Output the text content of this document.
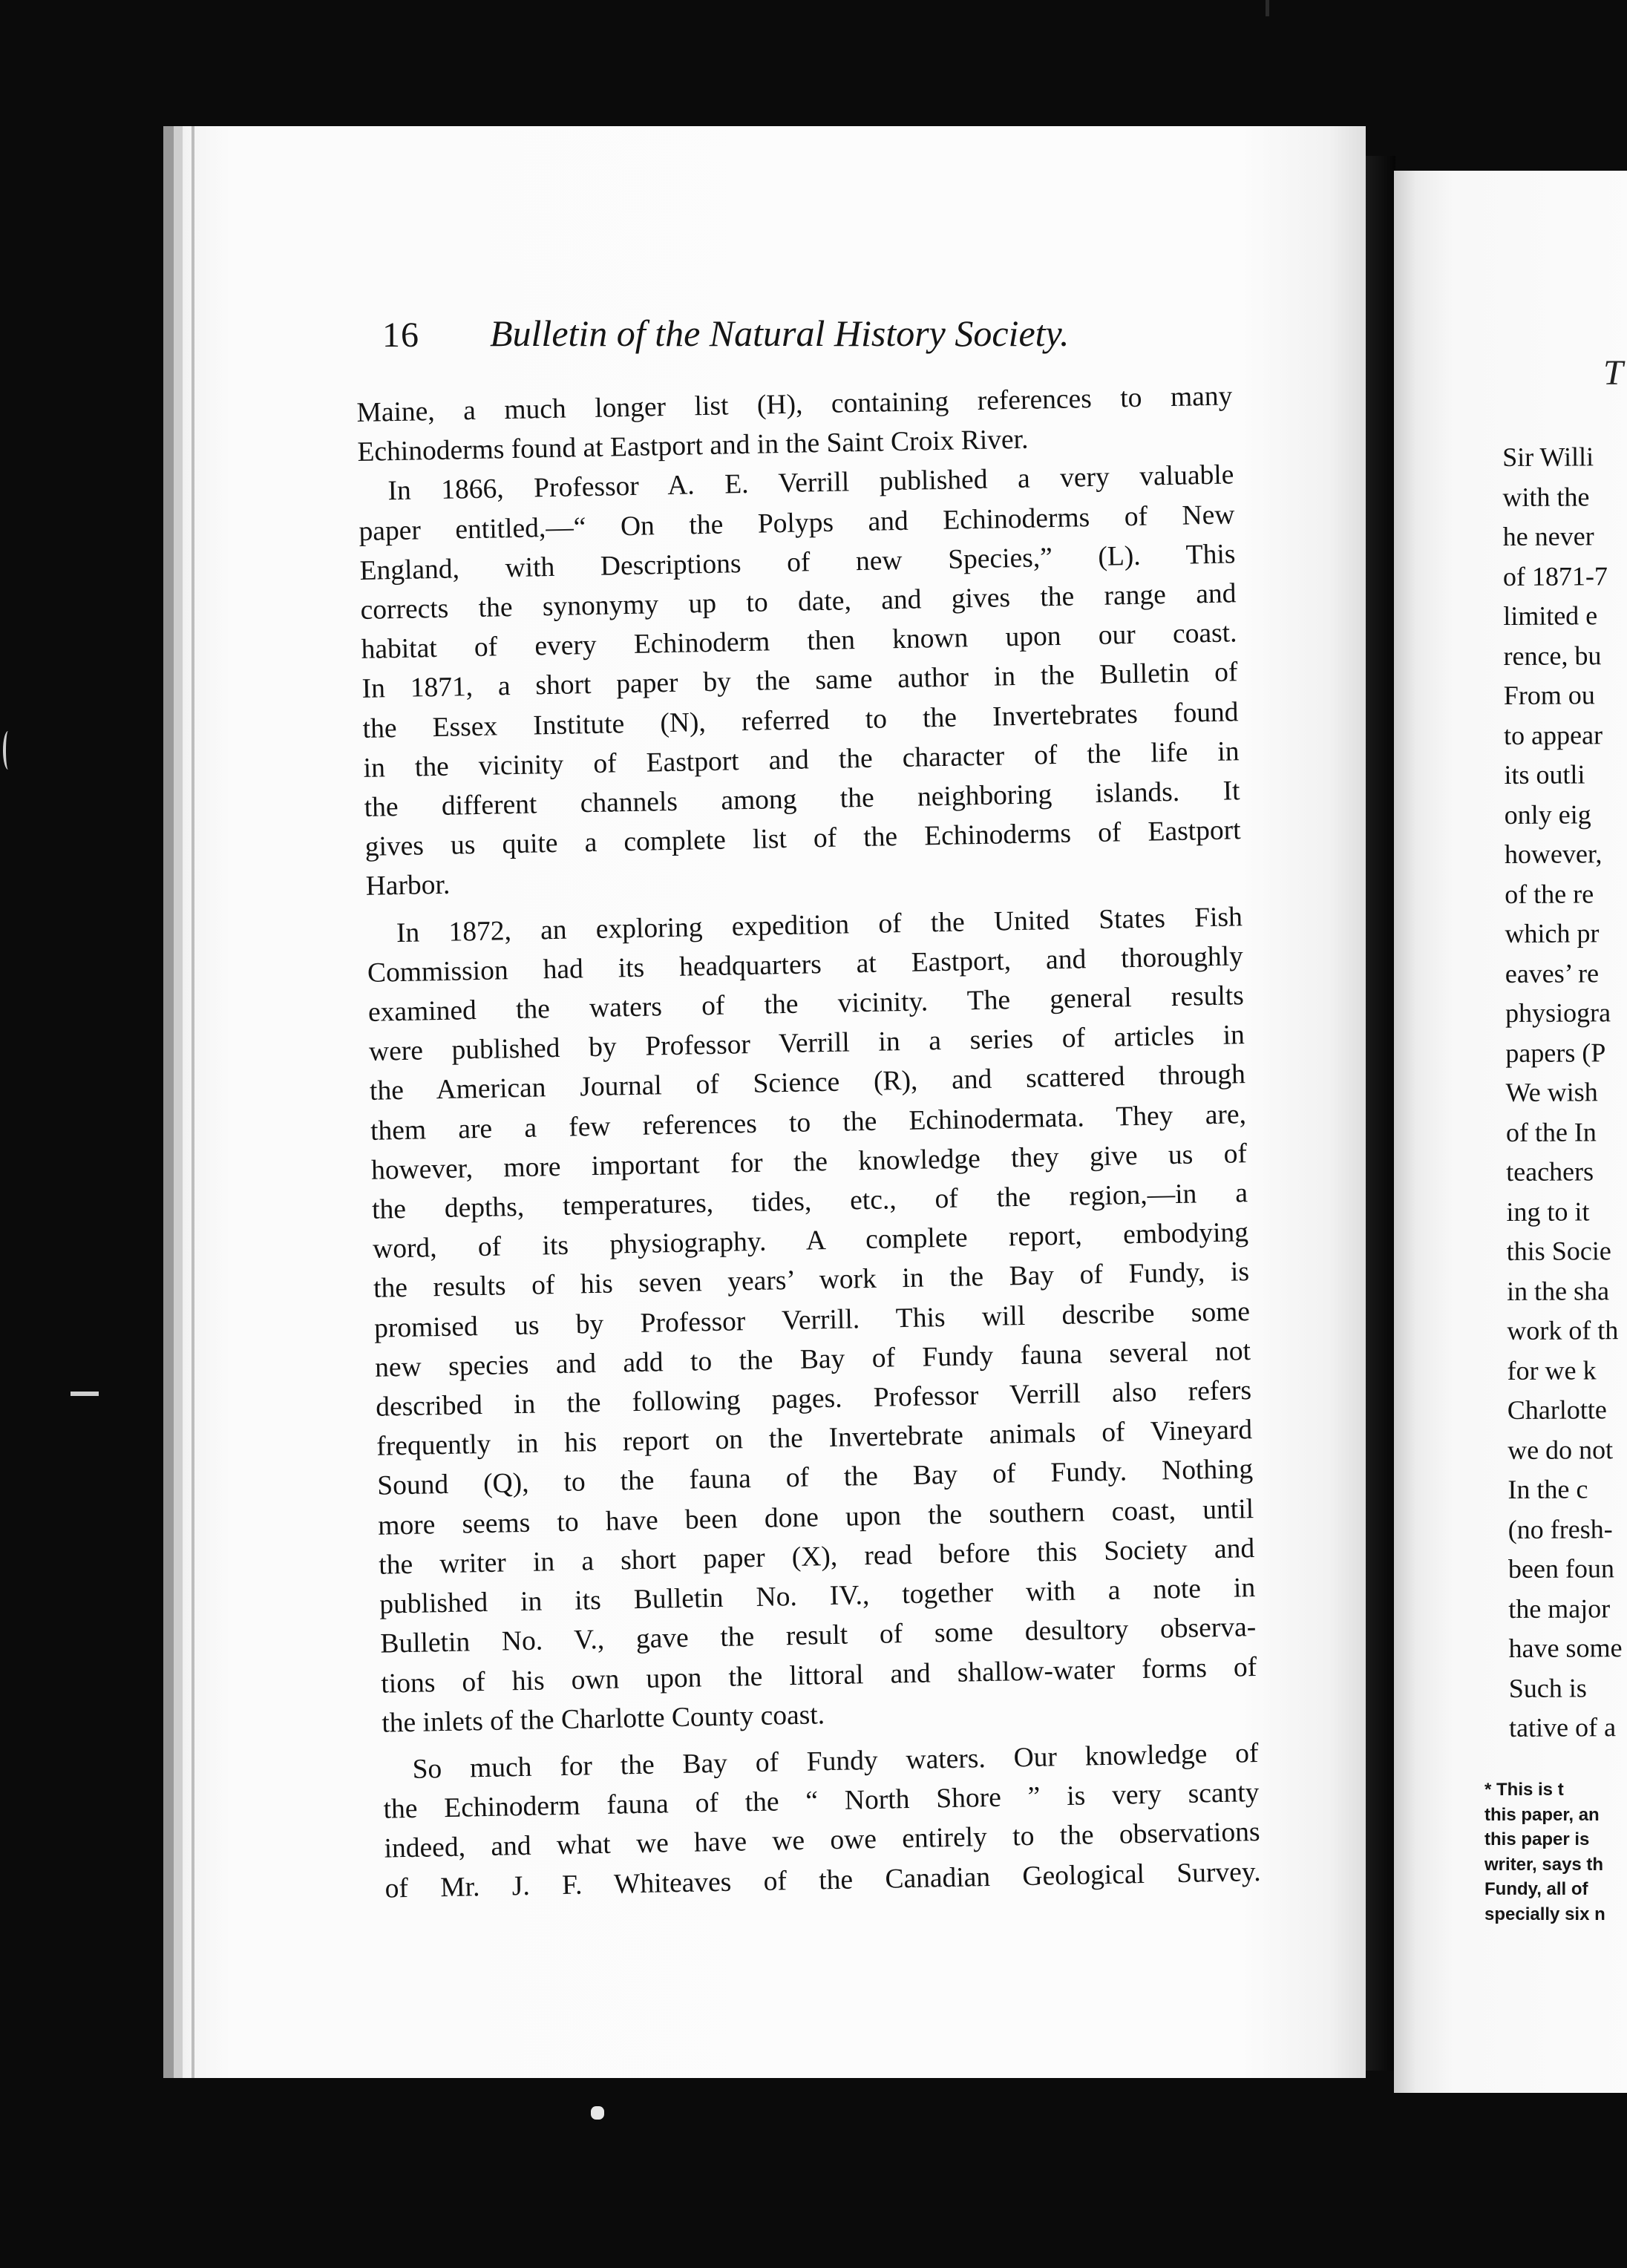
16 Bulletin of the Natural History Society.
Maine, a much longer list (H), containing references to many
Echinoderms found at Eastport and in the Saint Croix River.
In 1866, Professor A. E. Verrill published a very valuable
paper entitled,—“ On the Polyps and Echinoderms of New
England, with Descriptions of new Species,” (L). This
corrects the synonymy up to date, and gives the range and
habitat of every Echinoderm then known upon our coast.
In 1871, a short paper by the same author in the Bulletin of
the Essex Institute (N), referred to the Invertebrates found
in the vicinity of Eastport and the character of the life in
the different channels among the neighboring islands. It
gives us quite a complete list of the Echinoderms of Eastport
Harbor.
In 1872, an exploring expedition of the United States Fish
Commission had its headquarters at Eastport, and thoroughly
examined the waters of the vicinity. The general results
were published by Professor Verrill in a series of articles in
the American Journal of Science (R), and scattered through
them are a few references to the Echinodermata. They are,
however, more important for the knowledge they give us of
the depths, temperatures, tides, etc., of the region,—in a
word, of its physiography. A complete report, embodying
the results of his seven years’ work in the Bay of Fundy, is
promised us by Professor Verrill. This will describe some
new species and add to the Bay of Fundy fauna several not
described in the following pages. Professor Verrill also refers
frequently in his report on the Invertebrate animals of Vineyard
Sound (Q), to the fauna of the Bay of Fundy. Nothing
more seems to have been done upon the southern coast, until
the writer in a short paper (X), read before this Society and
published in its Bulletin No. IV., together with a note in
Bulletin No. V., gave the result of some desultory observa-
tions of his own upon the littoral and shallow-water forms of
the inlets of the Charlotte County coast.
So much for the Bay of Fundy waters. Our knowledge of
the Echinoderm fauna of the “ North Shore ” is very scanty
indeed, and what we have we owe entirely to the observations
of Mr. J. F. Whiteaves of the Canadian Geological Survey.
T
Sir Willi
with the
he never
of 1871-7
limited e
rence, bu
From ou
to appear
its outli
only eig
however,
of the re
which pr
eaves’ re
physiogra
papers (P
We wish
of the In
teachers
ing to it
this Socie
in the sha
work of th
for we k
Charlotte
we do not
In the c
(no fresh-
been foun
the major
have some
Such is
tative of a
* This is t
this paper, an
this paper is
writer, says th
Fundy, all of
specially six n
